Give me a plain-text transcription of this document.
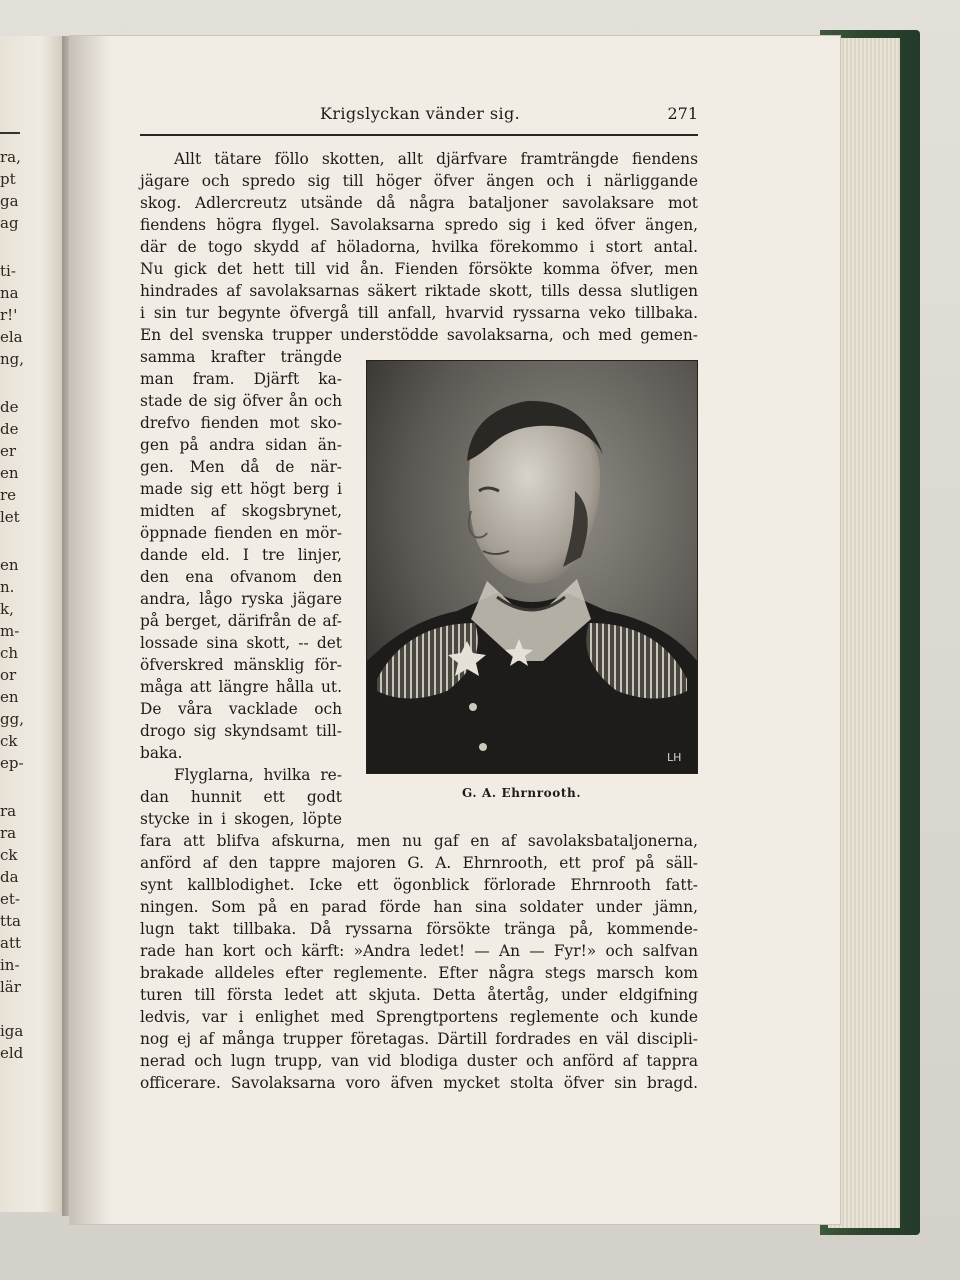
ra,
pt
ga
ag
ti-
na
r!'
ela
ng,
de
de
er
en
re
let
en
n.
k,
m-
ch
or
en
gg,
ck
ep-
ra
ra
ck
da
et-
tta
att
in-
lär
iga
eld
Krigslyckan vänder sig.	271
Allt tätare föllo skotten, allt djärfvare framträngde fiendens
jägare och spredo sig till höger öfver ängen och i närliggande
skog. Adlercreutz utsände då några bataljoner savolaksare mot
fiendens högra flygel. Savolaksarna spredo sig i ked öfver ängen,
där de togo skydd af höladorna, hvilka förekommo i stort antal.
Nu gick det hett till vid ån. Fienden försökte komma öfver, men
hindrades af savolaksarnas säkert riktade skott, tills dessa slutligen
i sin tur begynte öfvergå till anfall, hvarvid ryssarna veko tillbaka.
En del svenska trupper understödde savolaksarna, och med gemen-
samma krafter trängde
man fram. Djärft ka-
stade de sig öfver ån och
drefvo fienden mot sko-
gen på andra sidan än-
gen. Men då de när-
made sig ett högt berg i
midten af skogsbrynet,
öppnade fienden en mör-
dande eld. I tre linjer,
den ena ofvanom den
andra, lågo ryska jägare
på berget, därifrån de af-
lossade sina skott, -- det
öfverskred mänsklig för-
måga att längre hålla ut.
De våra vacklade och
drogo sig skyndsamt till-
baka.
Flyglarna, hvilka re-
dan hunnit ett godt
stycke in i skogen, löpte
LH
G. A. Ehrnrooth.
fara att blifva afskurna, men nu gaf en af savolaksbataljonerna,
anförd af den tappre majoren G. A. Ehrnrooth, ett prof på säll-
synt kallblodighet. Icke ett ögonblick förlorade Ehrnrooth fatt-
ningen. Som på en parad förde han sina soldater under jämn,
lugn takt tillbaka. Då ryssarna försökte tränga på, kommende-
rade han kort och kärft: »Andra ledet! — An — Fyr!» och salfvan
brakade alldeles efter reglemente. Efter några stegs marsch kom
turen till första ledet att skjuta. Detta återtåg, under eldgifning
ledvis, var i enlighet med Sprengtportens reglemente och kunde
nog ej af många trupper företagas. Därtill fordrades en väl discipli-
nerad och lugn trupp, van vid blodiga duster och anförd af tappra
officerare. Savolaksarna voro äfven mycket stolta öfver sin bragd.
